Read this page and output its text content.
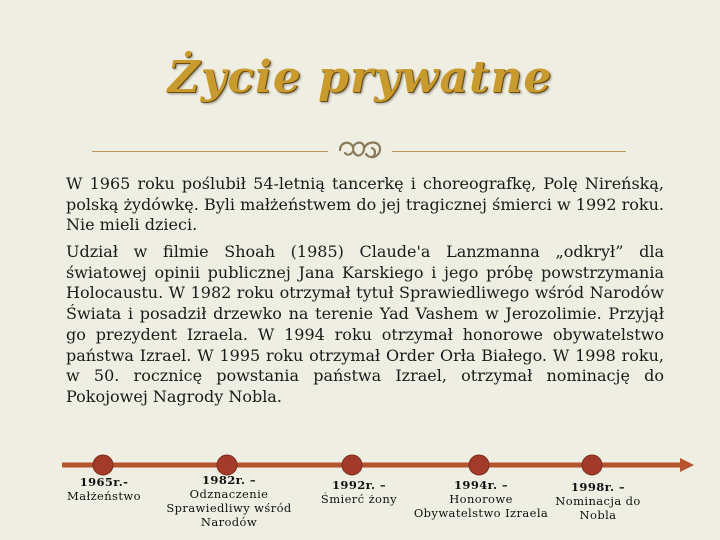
Życie prywatne

W 1965 roku poślubił 54-letnią tancerkę i choreografkę, Polę Nireńską, polską żydówkę. Byli małżeństwem do jej tragicznej śmierci w 1992 roku. Nie mieli dzieci.

Udział w filmie Shoah (1985) Claude'a Lanzmanna „odkrył” dla światowej opinii publicznej Jana Karskiego i jego próbę powstrzymania Holocaustu. W 1982 roku otrzymał tytuł Sprawiedliwego wśród Narodów Świata i posadził drzewko na terenie Yad Vashem w Jerozolimie. Przyjął go prezydent Izraela. W 1994 roku otrzymał honorowe obywatelstwo państwa Izrael. W 1995 roku otrzymał Order Orła Białego. W 1998 roku, w 50. rocznicę powstania państwa Izrael, otrzymał nominację do Pokojowej Nagrody Nobla.

1965r.-
Małżeństwo
1982r. –
Odznaczenie Sprawiedliwy wśród Narodów
1992r. –
Śmierć żony
1994r. –
Honorowe Obywatelstwo Izraela
1998r. –
Nominacja do Nobla
